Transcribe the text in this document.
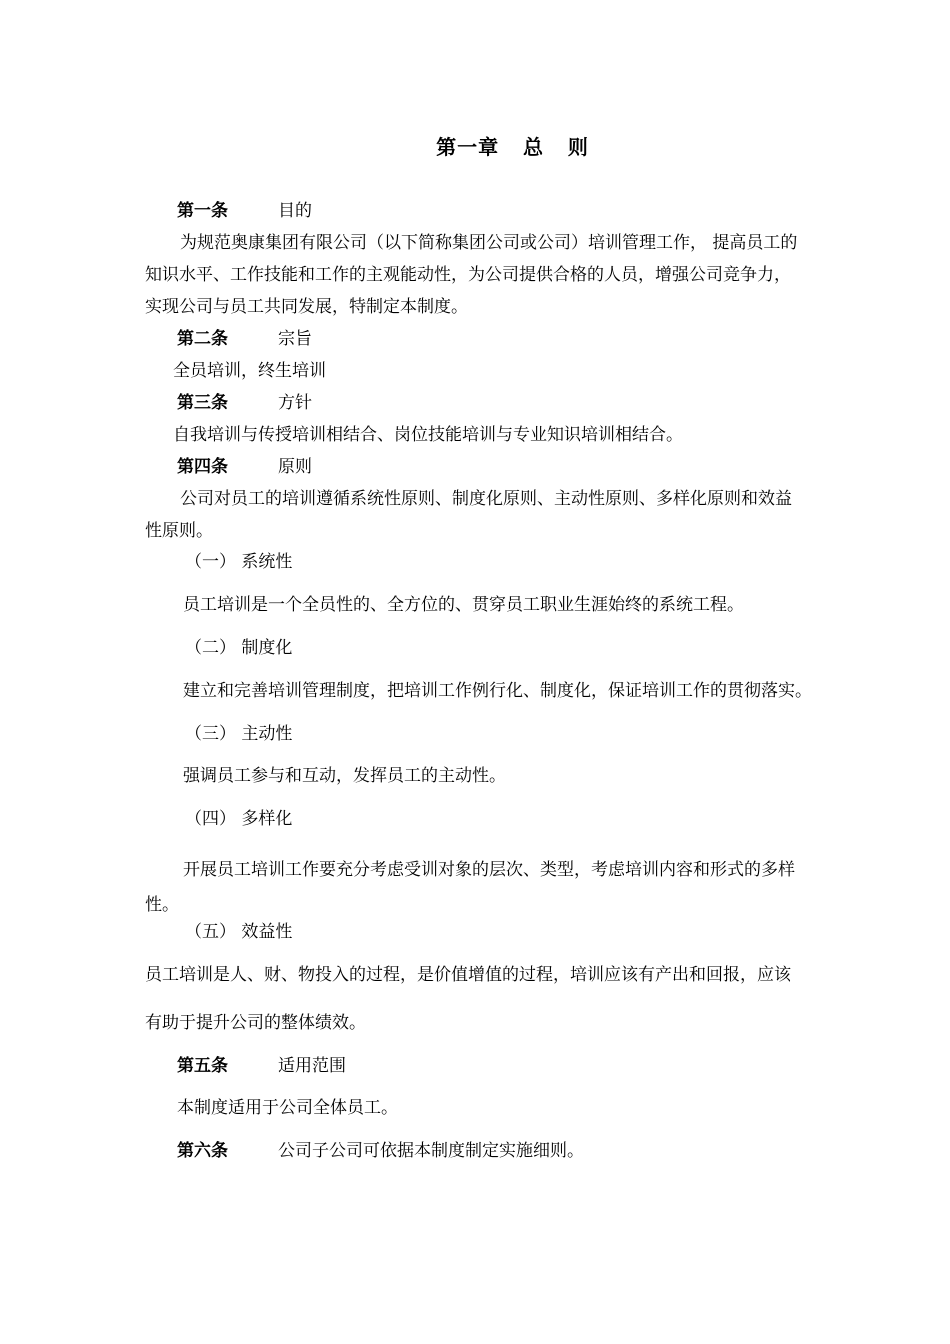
第一章   总   则
第一条	目的
为规范奥康集团有限公司（以下简称集团公司或公司）培训管理工作， 提高员工的
知识水平、工作技能和工作的主观能动性，为公司提供合格的人员，增强公司竞争力，
实现公司与员工共同发展，特制定本制度。
第二条	宗旨
全员培训，终生培训
第三条	方针
自我培训与传授培训相结合、岗位技能培训与专业知识培训相结合。
第四条	原则
公司对员工的培训遵循系统性原则、制度化原则、主动性原则、多样化原则和效益
性原则。
（一） 系统性
员工培训是一个全员性的、全方位的、贯穿员工职业生涯始终的系统工程。
（二） 制度化
建立和完善培训管理制度，把培训工作例行化、制度化，保证培训工作的贯彻落实。
（三） 主动性
强调员工参与和互动，发挥员工的主动性。
（四） 多样化
开展员工培训工作要充分考虑受训对象的层次、类型，考虑培训内容和形式的多样
性。
（五） 效益性
员工培训是人、财、物投入的过程，是价值增值的过程，培训应该有产出和回报，应该
有助于提升公司的整体绩效。
第五条	适用范围
本制度适用于公司全体员工。
第六条	公司子公司可依据本制度制定实施细则。
